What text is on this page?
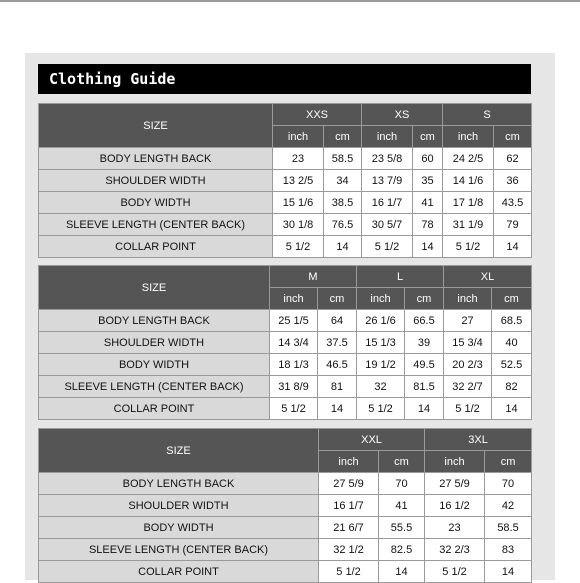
Clothing Guide
SIZE	XXS		XS		S	
	inch	cm	inch	cm	inch	cm
BODY LENGTH BACK	23	58.5	23 5/8	60	24 2/5	62
SHOULDER WIDTH	13 2/5	34	13 7/9	35	14 1/6	36
BODY WIDTH	15 1/6	38.5	16 1/7	41	17 1/8	43.5
SLEEVE LENGTH (CENTER BACK)	30 1/8	76.5	30 5/7	78	31 1/9	79
COLLAR POINT	5 1/2	14	5 1/2	14	5 1/2	14
SIZE	M		L		XL	
	inch	cm	inch	cm	inch	cm
BODY LENGTH BACK	25 1/5	64	26 1/6	66.5	27	68.5
SHOULDER WIDTH	14 3/4	37.5	15 1/3	39	15 3/4	40
BODY WIDTH	18 1/3	46.5	19 1/2	49.5	20 2/3	52.5
SLEEVE LENGTH (CENTER BACK)	31 8/9	81	32	81.5	32 2/7	82
COLLAR POINT	5 1/2	14	5 1/2	14	5 1/2	14
SIZE	XXL		3XL	
	inch	cm	inch	cm
BODY LENGTH BACK	27 5/9	70	27 5/9	70
SHOULDER WIDTH	16 1/7	41	16 1/2	42
BODY WIDTH	21 6/7	55.5	23	58.5
SLEEVE LENGTH (CENTER BACK)	32 1/2	82.5	32 2/3	83
COLLAR POINT	5 1/2	14	5 1/2	14
